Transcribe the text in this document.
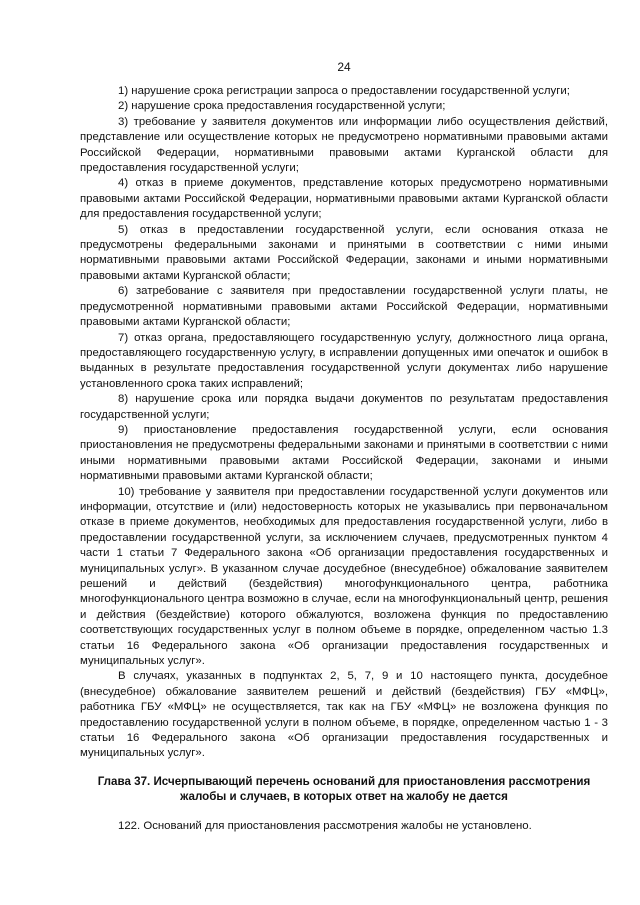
24

1) нарушение срока регистрации запроса о предоставлении государственной услуги;

2) нарушение срока предоставления государственной услуги;

3) требование у заявителя документов или информации либо осуществления действий, представление или осуществление которых не предусмотрено нормативными правовыми актами Российской Федерации, нормативными правовыми актами Курганской области для предоставления государственной услуги;

4) отказ в приеме документов, представление которых предусмотрено нормативными правовыми актами Российской Федерации, нормативными правовыми актами Курганской области для предоставления государственной услуги;

5) отказ в предоставлении государственной услуги, если основания отказа не предусмотрены федеральными законами и принятыми в соответствии с ними иными нормативными правовыми актами Российской Федерации, законами и иными нормативными правовыми актами Курганской области;

6) затребование с заявителя при предоставлении государственной услуги платы, не предусмотренной нормативными правовыми актами Российской Федерации, нормативными правовыми актами Курганской области;

7) отказ органа, предоставляющего государственную услугу, должностного лица органа, предоставляющего государственную услугу, в исправлении допущенных ими опечаток и ошибок в выданных в результате предоставления государственной услуги документах либо нарушение установленного срока таких исправлений;

8) нарушение срока или порядка выдачи документов по результатам предоставления государственной услуги;

9) приостановление предоставления государственной услуги, если основания приостановления не предусмотрены федеральными законами и принятыми в соответствии с ними иными нормативными правовыми актами Российской Федерации, законами и иными нормативными правовыми актами Курганской области;

10) требование у заявителя при предоставлении государственной услуги документов или информации, отсутствие и (или) недостоверность которых не указывались при первоначальном отказе в приеме документов, необходимых для предоставления государственной услуги, либо в предоставлении государственной услуги, за исключением случаев, предусмотренных пунктом 4 части 1 статьи 7 Федерального закона «Об организации предоставления государственных и муниципальных услуг». В указанном случае досудебное (внесудебное) обжалование заявителем решений и действий (бездействия) многофункционального центра, работника многофункционального центра возможно в случае, если на многофункциональный центр, решения и действия (бездействие) которого обжалуются, возложена функция по предоставлению соответствующих государственных услуг в полном объеме в порядке, определенном частью 1.3 статьи 16 Федерального закона «Об организации предоставления государственных и муниципальных услуг».

В случаях, указанных в подпунктах 2, 5, 7, 9 и 10 настоящего пункта, досудебное (внесудебное) обжалование заявителем решений и действий (бездействия) ГБУ «МФЦ», работника ГБУ «МФЦ» не осуществляется, так как на ГБУ «МФЦ» не возложена функция по предоставлению государственной услуги в полном объеме, в порядке, определенном частью 1 - 3 статьи 16 Федерального закона «Об организации предоставления государственных и муниципальных услуг».

Глава 37. Исчерпывающий перечень оснований для приостановления рассмотрения жалобы и случаев, в которых ответ на жалобу не дается

122. Оснований для приостановления рассмотрения жалобы не установлено.
